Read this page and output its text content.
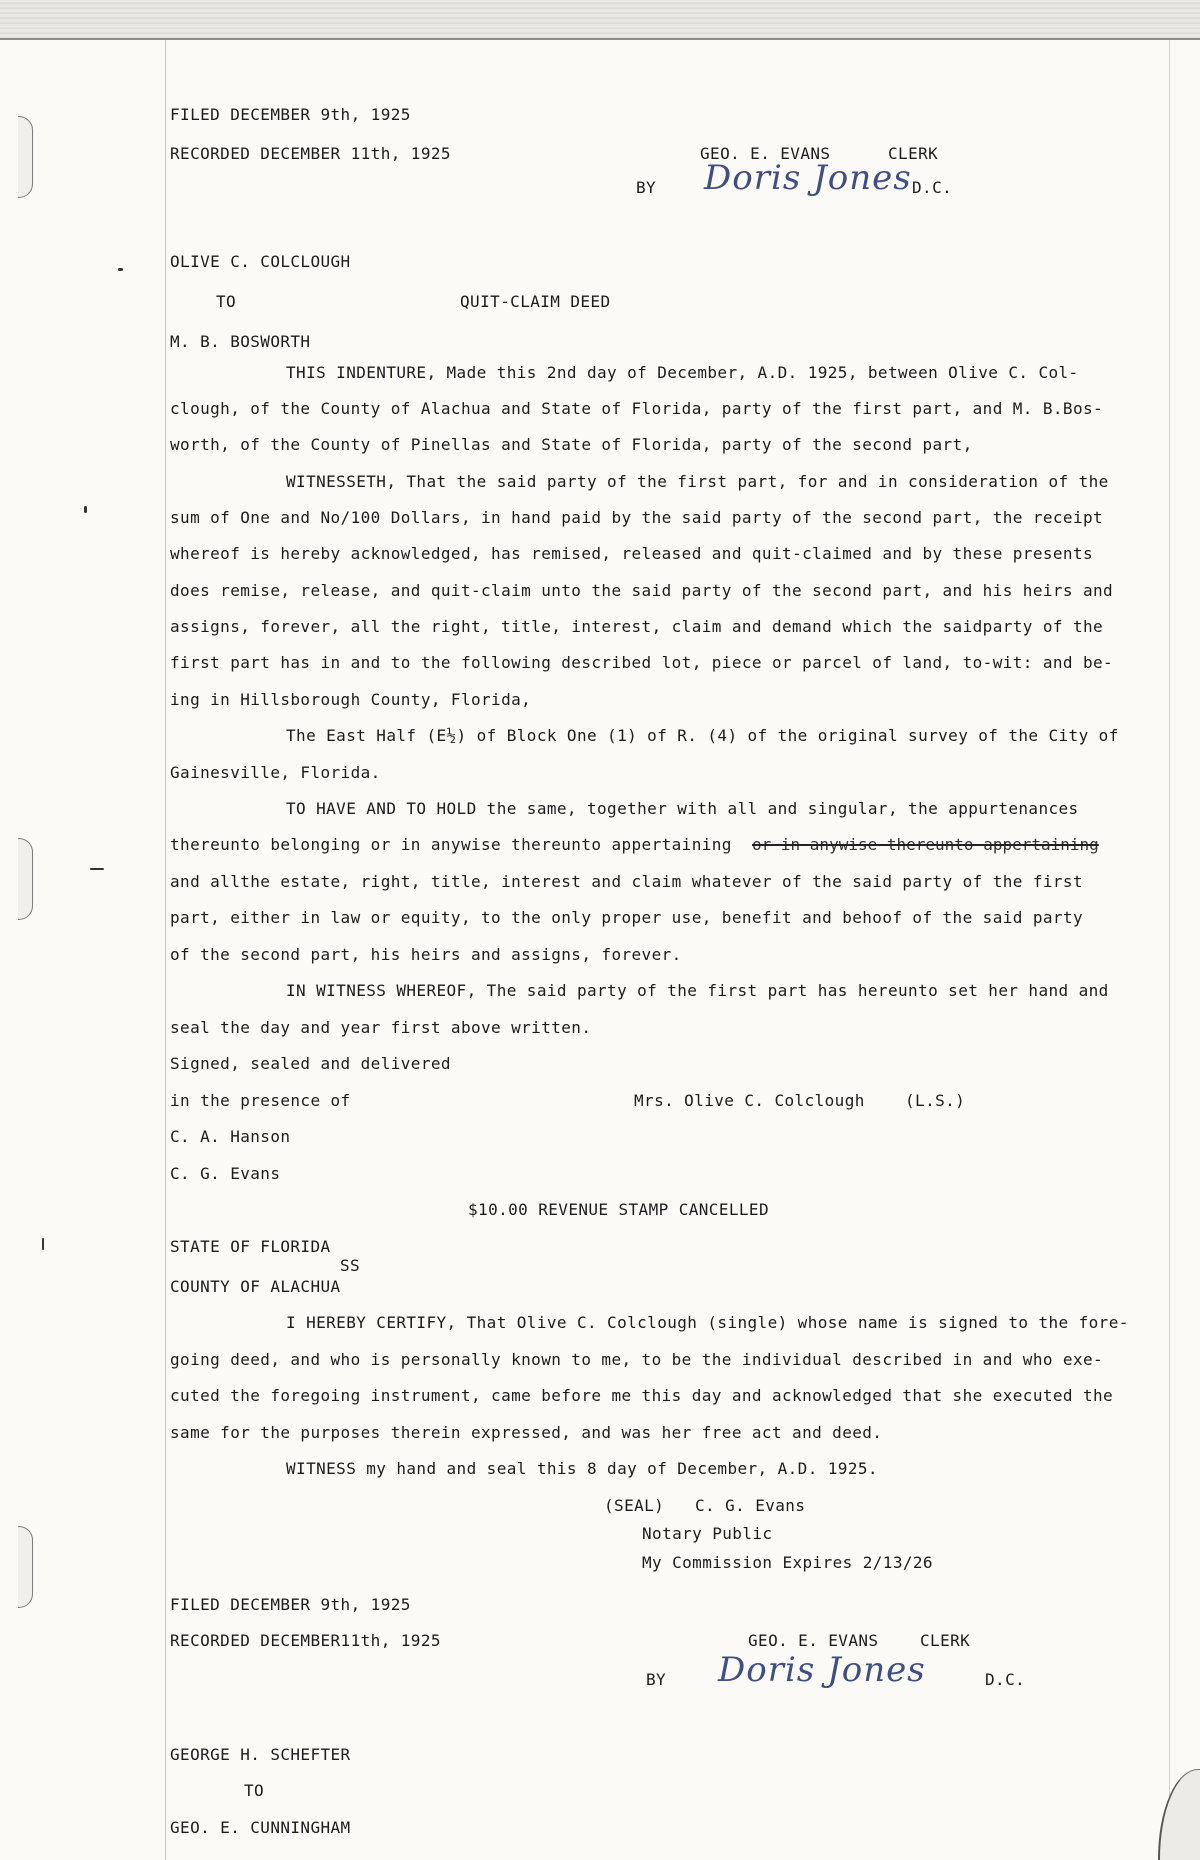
FILED DECEMBER 9th, 1925
RECORDED DECEMBER 11th, 1925	GEO. E. EVANS	CLERK
BY Doris Jones D.C.
OLIVE C. COLCLOUGH
TO	QUIT-CLAIM DEED
M. B. BOSWORTH
THIS INDENTURE, Made this 2nd day of December, A.D. 1925, between Olive C. Col-
clough, of the County of Alachua and State of Florida, party of the first part, and M. B.Bos-
worth, of the County of Pinellas and State of Florida, party of the second part,
WITNESSETH, That the said party of the first part, for and in consideration of the
sum of One and No/100 Dollars, in hand paid by the said party of the second part, the receipt
whereof is hereby acknowledged, has remised, released and quit-claimed and by these presents
does remise, release, and quit-claim unto the said party of the second part, and his heirs and
assigns, forever, all the right, title, interest, claim and demand which the saidparty of the
first part has in and to the following described lot, piece or parcel of land, to-wit: and be-
ing in Hillsborough County, Florida,
The East Half (E½) of Block One (1) of R. (4) of the original survey of the City of
Gainesville, Florida.
TO HAVE AND TO HOLD the same, together with all and singular, the appurtenances
thereunto belonging or in anywise thereunto appertaining or in anywise thereunto appertaining
and allthe estate, right, title, interest and claim whatever of the said party of the first
part, either in law or equity, to the only proper use, benefit and behoof of the said party
of the second part, his heirs and assigns, forever.
IN WITNESS WHEREOF, The said party of the first part has hereunto set her hand and
seal the day and year first above written.
Signed, sealed and delivered
in the presence of	Mrs. Olive C. Colclough	(L.S.)
C. A. Hanson
C. G. Evans
$10.00 REVENUE STAMP CANCELLED
STATE OF FLORIDA
SS
COUNTY OF ALACHUA
I HEREBY CERTIFY, That Olive C. Colclough (single) whose name is signed to the fore-
going deed, and who is personally known to me, to be the individual described in and who exe-
cuted the foregoing instrument, came before me this day and acknowledged that she executed the
same for the purposes therein expressed, and was her free act and deed.
WITNESS my hand and seal this 8 day of December, A.D. 1925.
(SEAL) C. G. Evans
Notary Public
My Commission Expires 2/13/26
FILED DECEMBER 9th, 1925
RECORDED DECEMBER11th, 1925	GEO. E. EVANS	CLERK
BY Doris Jones	D.C.
GEORGE H. SCHEFTER
TO
GEO. E. CUNNINGHAM
